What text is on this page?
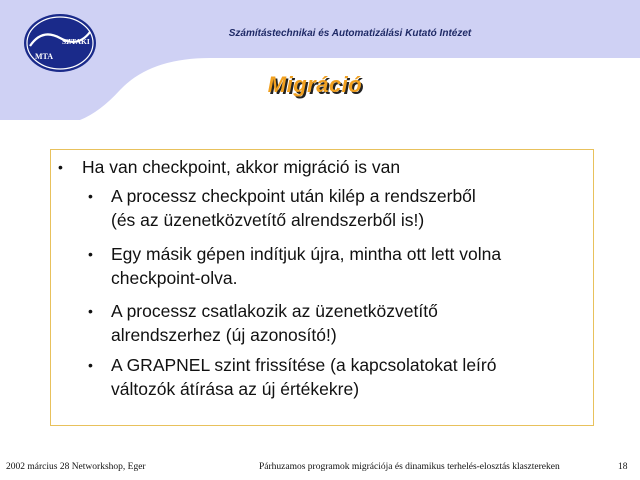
MTA
SZTAKI
Számítástechnikai és Automatizálási Kutató Intézet
Migráció
• Ha van checkpoint, akkor migráció is van
• A processz checkpoint után kilép a rendszerből
(és az üzenetközvetítő alrendszerből is!)
• Egy másik gépen indítjuk újra, mintha ott lett volna
checkpoint-olva.
• A processz csatlakozik az üzenetközvetítő
alrendszerhez (új azonosító!)
• A GRAPNEL szint frissítése (a kapcsolatokat leíró
változók átírása az új értékekre)
2002 március 28 Networkshop, Eger	Párhuzamos programok migrációja és dinamikus terhelés-elosztás klasztereken	18
